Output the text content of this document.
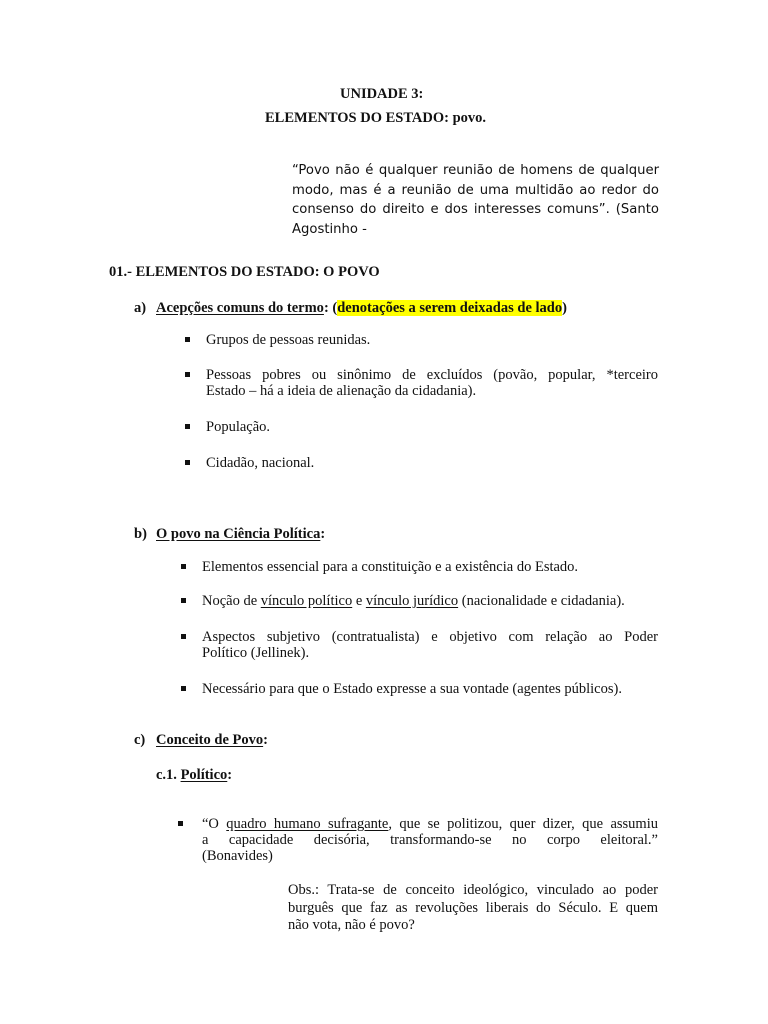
UNIDADE 3:
ELEMENTOS DO ESTADO: povo.
“Povo não é qualquer reunião de homens de qualquer
modo, mas é a reunião de uma multidão ao redor do
consenso do direito e dos interesses comuns”. (Santo
Agostinho -
01.- ELEMENTOS DO ESTADO: O POVO
a) Acepções comuns do termo: (denotações a serem deixadas de lado)
Grupos de pessoas reunidas.
Pessoas pobres ou sinônimo de excluídos (povão, popular, *terceiro
Estado – há a ideia de alienação da cidadania).
População.
Cidadão, nacional.
b) O povo na Ciência Política:
Elementos essencial para a constituição e a existência do Estado.
Noção de vínculo político e vínculo jurídico (nacionalidade e cidadania).
Aspectos subjetivo (contratualista) e objetivo com relação ao Poder
Político (Jellinek).
Necessário para que o Estado expresse a sua vontade (agentes públicos).
c) Conceito de Povo:
c.1. Político:
“O quadro humano sufragante, que se politizou, quer dizer, que assumiu
a capacidade decisória, transformando-se no corpo eleitoral.”
(Bonavides)
Obs.: Trata-se de conceito ideológico, vinculado ao poder
burguês que faz as revoluções liberais do Século. E quem
não vota, não é povo?
